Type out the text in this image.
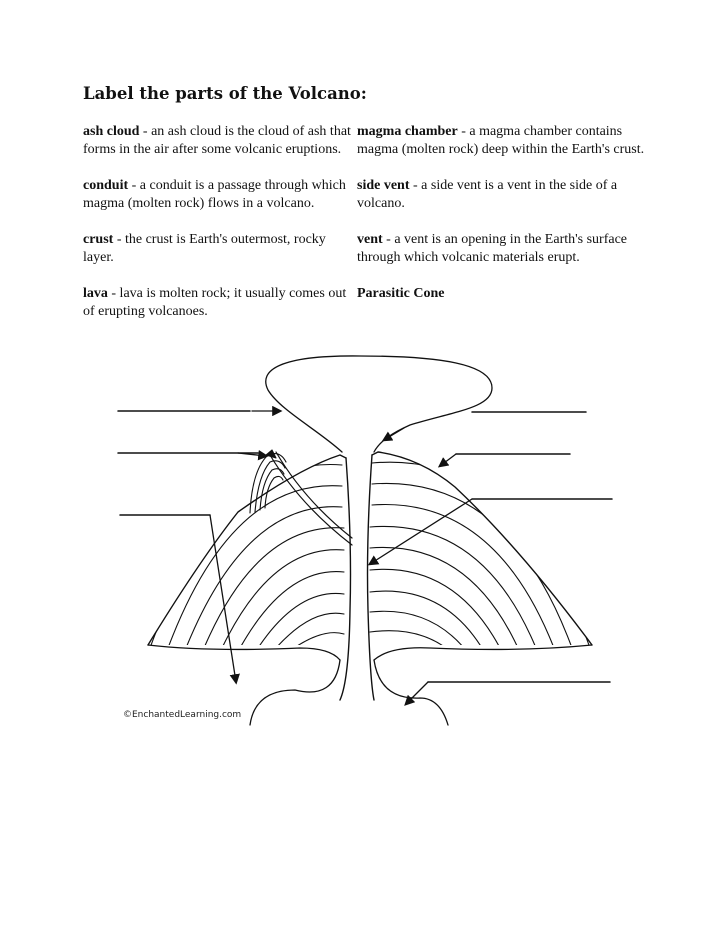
Label the parts of the Volcano:
ash cloud - an ash cloud is the cloud of ash that forms in the air after some volcanic eruptions.
magma chamber - a magma chamber contains magma (molten rock) deep within the Earth's crust.
conduit - a conduit is a passage through which magma (molten rock) flows in a volcano.
side vent - a side vent is a vent in the side of a volcano.
crust - the crust is Earth's outermost, rocky layer.
vent - a vent is an opening in the Earth's surface through which volcanic materials erupt.
lava - lava is molten rock; it usually comes out of erupting volcanoes.
Parasitic Cone
©EnchantedLearning.com
